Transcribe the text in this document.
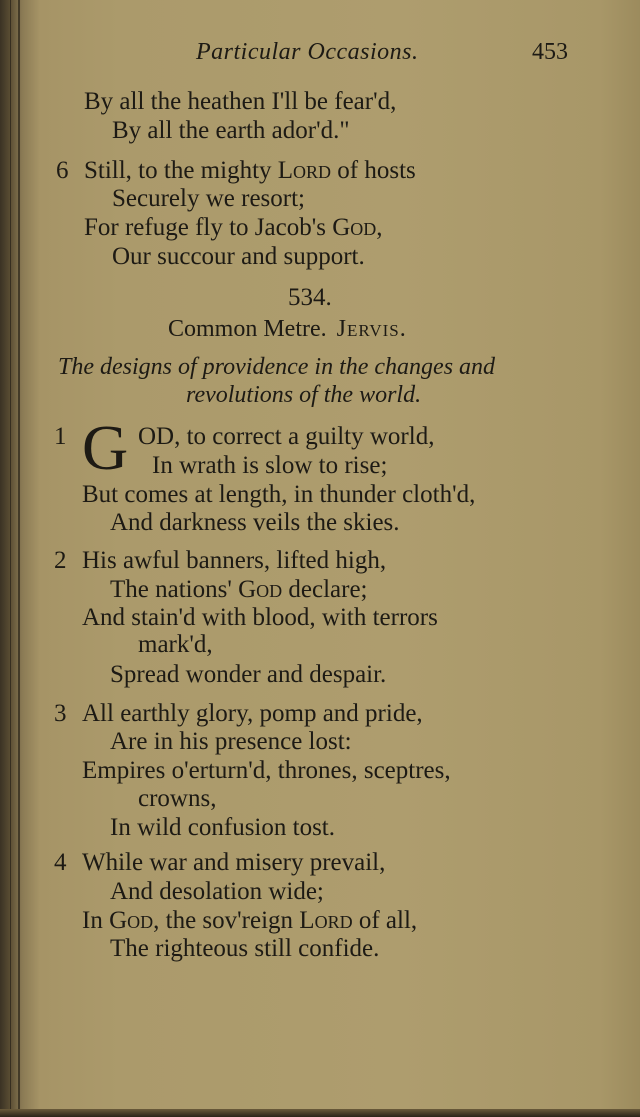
Particular Occasions.	453
By all the heathen I'll be fear'd,
By all the earth ador'd."
6 Still, to the mighty Lord of hosts
Securely we resort;
For refuge fly to Jacob's God,
Our succour and support.
534.
Common Metre. Jervis.
The designs of providence in the changes and
revolutions of the world.
1 G OD, to correct a guilty world,
In wrath is slow to rise;
But comes at length, in thunder cloth'd,
And darkness veils the skies.
2 His awful banners, lifted high,
The nations' God declare;
And stain'd with blood, with terrors
mark'd,
Spread wonder and despair.
3 All earthly glory, pomp and pride,
Are in his presence lost:
Empires o'erturn'd, thrones, sceptres,
crowns,
In wild confusion tost.
4 While war and misery prevail,
And desolation wide;
In God, the sov'reign Lord of all,
The righteous still confide.
